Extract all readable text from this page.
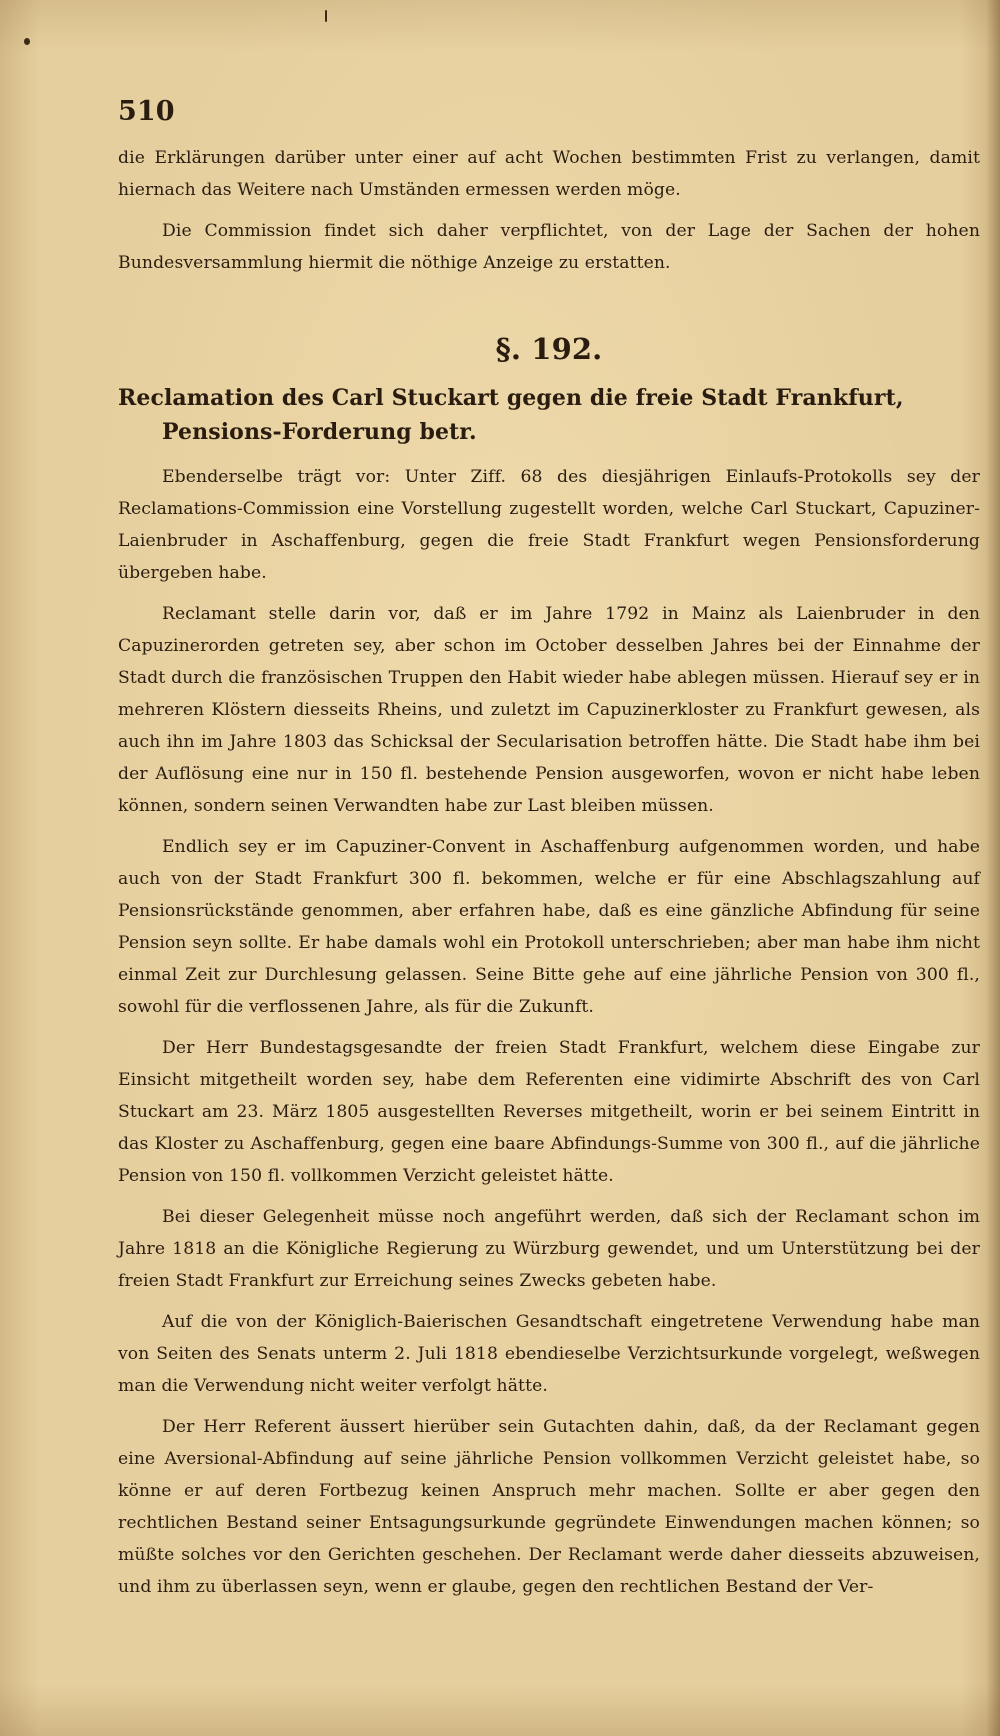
510

die Erklärungen darüber unter einer auf acht Wochen bestimmten Frist zu verlangen, damit hiernach das Weitere nach Umständen ermessen werden möge.

Die Commission findet sich daher verpflichtet, von der Lage der Sachen der hohen Bundesversammlung hiermit die nöthige Anzeige zu erstatten.

§. 192.
Reclamation des Carl Stuckart gegen die freie Stadt Frankfurt, Pensions-Forderung betr.

Ebenderselbe trägt vor: Unter Ziff. 68 des diesjährigen Einlaufs-Protokolls sey der Reclamations-Commission eine Vorstellung zugestellt worden, welche Carl Stuckart, Capuziner-Laienbruder in Aschaffenburg, gegen die freie Stadt Frankfurt wegen Pensionsforderung übergeben habe.

Reclamant stelle darin vor, daß er im Jahre 1792 in Mainz als Laienbruder in den Capuzinerorden getreten sey, aber schon im October desselben Jahres bei der Einnahme der Stadt durch die französischen Truppen den Habit wieder habe ablegen müssen. Hierauf sey er in mehreren Klöstern diesseits Rheins, und zuletzt im Capuzinerkloster zu Frankfurt gewesen, als auch ihn im Jahre 1803 das Schicksal der Secularisation betroffen hätte. Die Stadt habe ihm bei der Auflösung eine nur in 150 fl. bestehende Pension ausgeworfen, wovon er nicht habe leben können, sondern seinen Verwandten habe zur Last bleiben müssen.

Endlich sey er im Capuziner-Convent in Aschaffenburg aufgenommen worden, und habe auch von der Stadt Frankfurt 300 fl. bekommen, welche er für eine Abschlagszahlung auf Pensionsrückstände genommen, aber erfahren habe, daß es eine gänzliche Abfindung für seine Pension seyn sollte. Er habe damals wohl ein Protokoll unterschrieben; aber man habe ihm nicht einmal Zeit zur Durchlesung gelassen. Seine Bitte gehe auf eine jährliche Pension von 300 fl., sowohl für die verflossenen Jahre, als für die Zukunft.

Der Herr Bundestagsgesandte der freien Stadt Frankfurt, welchem diese Eingabe zur Einsicht mitgetheilt worden sey, habe dem Referenten eine vidimirte Abschrift des von Carl Stuckart am 23. März 1805 ausgestellten Reverses mitgetheilt, worin er bei seinem Eintritt in das Kloster zu Aschaffenburg, gegen eine baare Abfindungs-Summe von 300 fl., auf die jährliche Pension von 150 fl. vollkommen Verzicht geleistet hätte.

Bei dieser Gelegenheit müsse noch angeführt werden, daß sich der Reclamant schon im Jahre 1818 an die Königliche Regierung zu Würzburg gewendet, und um Unterstützung bei der freien Stadt Frankfurt zur Erreichung seines Zwecks gebeten habe.

Auf die von der Königlich-Baierischen Gesandtschaft eingetretene Verwendung habe man von Seiten des Senats unterm 2. Juli 1818 ebendieselbe Verzichtsurkunde vorgelegt, weßwegen man die Verwendung nicht weiter verfolgt hätte.

Der Herr Referent äussert hierüber sein Gutachten dahin, daß, da der Reclamant gegen eine Aversional-Abfindung auf seine jährliche Pension vollkommen Verzicht geleistet habe, so könne er auf deren Fortbezug keinen Anspruch mehr machen. Sollte er aber gegen den rechtlichen Bestand seiner Entsagungsurkunde gegründete Einwendungen machen können; so müßte solches vor den Gerichten geschehen. Der Reclamant werde daher diesseits abzuweisen, und ihm zu überlassen seyn, wenn er glaube, gegen den rechtlichen Bestand der Ver-
